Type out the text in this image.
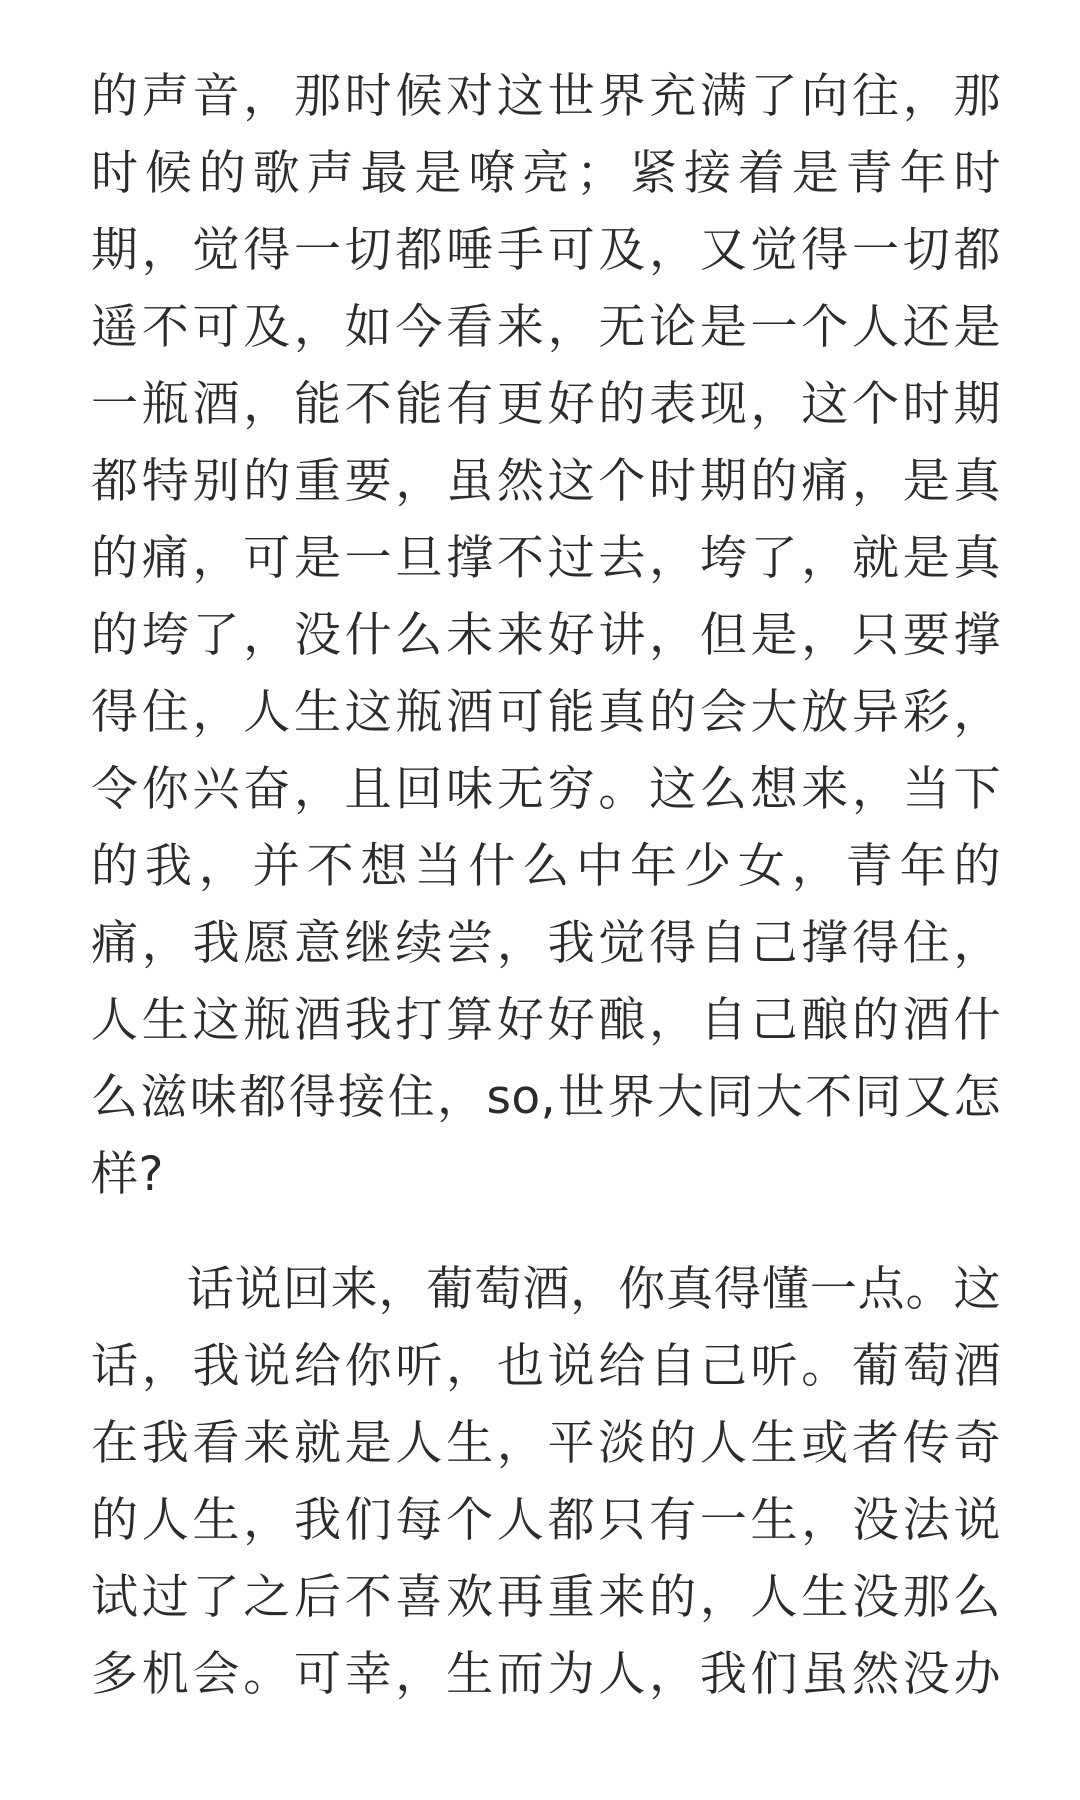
的声音，那时候对这世界充满了向往，那
时候的歌声最是嘹亮；紧接着是青年时
期，觉得一切都唾手可及，又觉得一切都
遥不可及，如今看来，无论是一个人还是
一瓶酒，能不能有更好的表现，这个时期
都特别的重要，虽然这个时期的痛，是真
的痛，可是一旦撑不过去，垮了，就是真
的垮了，没什么未来好讲，但是，只要撑
得住，人生这瓶酒可能真的会大放异彩，
令你兴奋，且回味无穷。这么想来，当下
的我，并不想当什么中年少女，青年的
痛，我愿意继续尝，我觉得自己撑得住，
人生这瓶酒我打算好好酿，自己酿的酒什
么滋味都得接住，so,世界大同大不同又怎
样?
　　话说回来，葡萄酒，你真得懂一点。这
话，我说给你听，也说给自己听。葡萄酒
在我看来就是人生，平淡的人生或者传奇
的人生，我们每个人都只有一生，没法说
试过了之后不喜欢再重来的，人生没那么
多机会。可幸，生而为人，我们虽然没办
